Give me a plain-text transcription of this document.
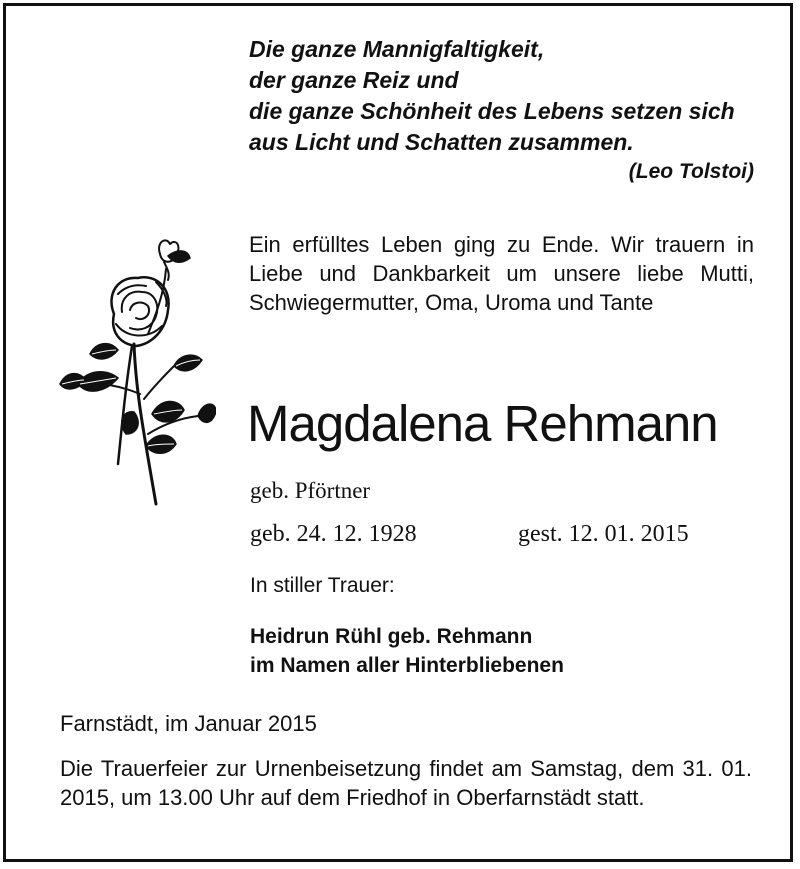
Die ganze Mannigfaltigkeit,
der ganze Reiz und
die ganze Schönheit des Lebens setzen sich
aus Licht und Schatten zusammen.
(Leo Tolstoi)
Ein erfülltes Leben ging zu Ende. Wir trauern in Liebe und Dankbarkeit um unsere liebe Mutti, Schwiegermutter, Oma, Uroma und Tante
Magdalena Rehmann
geb. Pförtner
geb. 24. 12. 1928	gest. 12. 01. 2015
In stiller Trauer:
Heidrun Rühl geb. Rehmann
im Namen aller Hinterbliebenen
Farnstädt, im Januar 2015
Die Trauerfeier zur Urnenbeisetzung findet am Samstag, dem 31. 01. 2015, um 13.00 Uhr auf dem Friedhof in Oberfarnstädt statt.
